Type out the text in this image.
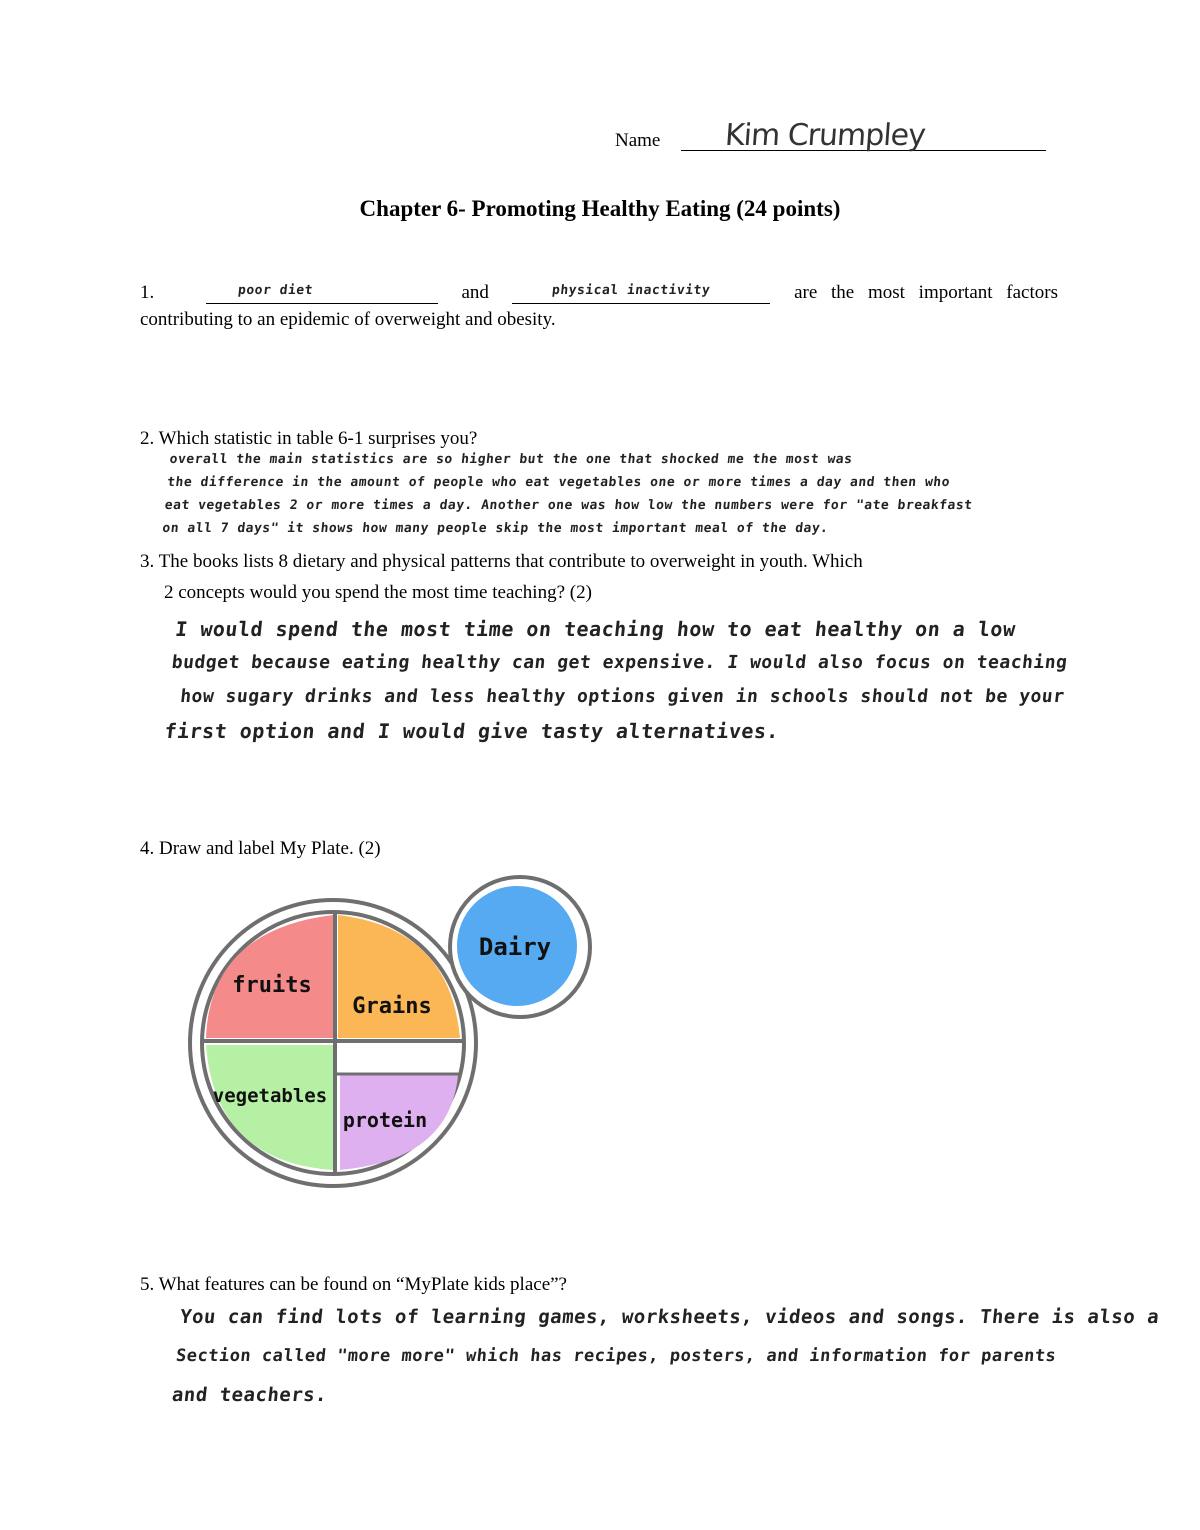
Name Kim Crumpley
Chapter 6- Promoting Healthy Eating (24 points)
1.	poor diet	and	physical inactivity	are the most important factors
contributing to an epidemic of overweight and obesity.
2. Which statistic in table 6-1 surprises you?
overall the main statistics are so higher but the one that shocked me the most was
the difference in the amount of people who eat vegetables one or more times a day and then who
eat vegetables 2 or more times a day. Another one was how low the numbers were for "ate breakfast
on all 7 days" it shows how many people skip the most important meal of the day.
3. The books lists 8 dietary and physical patterns that contribute to overweight in youth. Which
2 concepts would you spend the most time teaching? (2)
I would spend the most time on teaching how to eat healthy on a low
budget because eating healthy can get expensive. I would also focus on teaching
how sugary drinks and less healthy options given in schools should not be your
first option and I would give tasty alternatives.
4. Draw and label My Plate. (2)
fruits
Grains
vegetables
protein
Dairy
5. What features can be found on “MyPlate kids place”?
You can find lots of learning games, worksheets, videos and songs. There is also a
Section called "more more" which has recipes, posters, and information for parents
and teachers.
